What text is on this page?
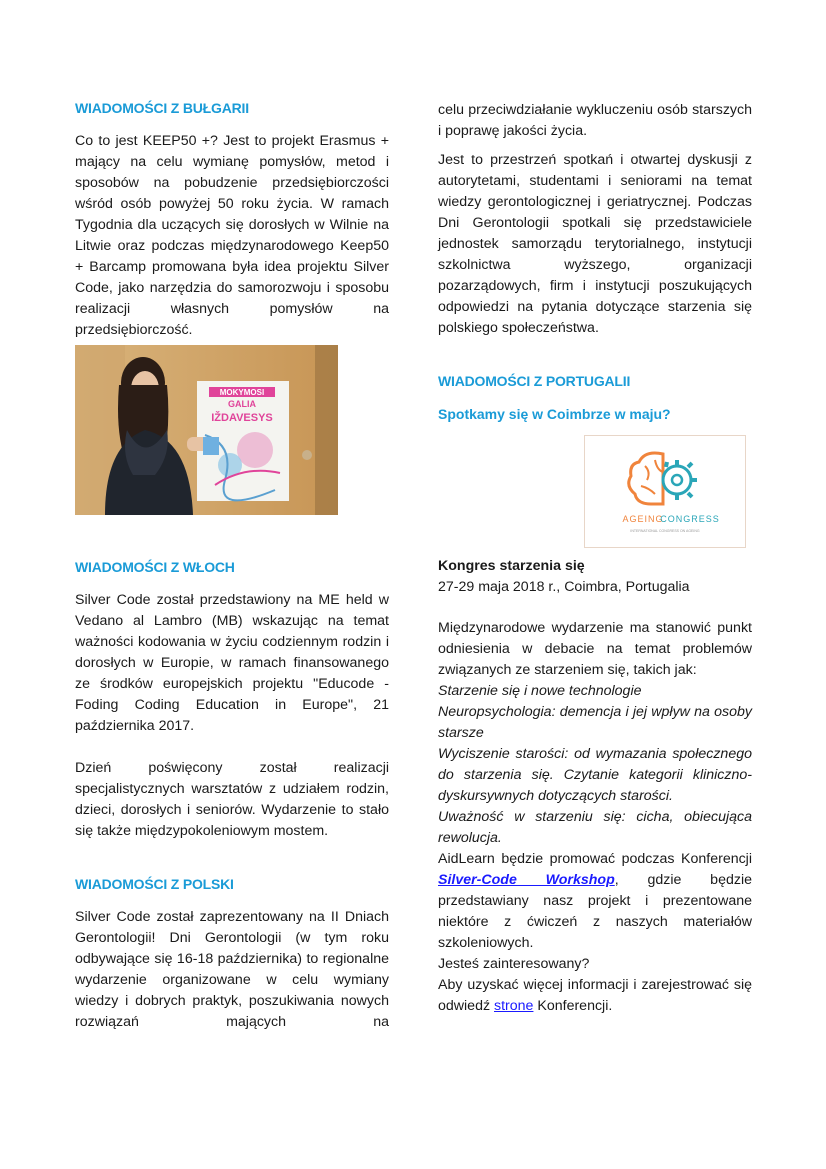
WIADOMOŚCI Z BUŁGARII

Co to jest KEEP50 +? Jest to projekt Erasmus + mający na celu wymianę pomysłów, metod i sposobów na pobudzenie przedsiębiorczości wśród osób powyżej 50 roku życia. W ramach Tygodnia dla uczących się dorosłych w Wilnie na Litwie oraz podczas międzynarodowego Keep50 + Barcamp promowana była idea projektu Silver Code, jako narzędzia do samorozwoju i sposobu realizacji własnych pomysłów na przedsiębiorczość.

MOKYMOSI
GALIA
IŽDAVESYS
WIADOMOŚCI Z WŁOCH

Silver Code został przedstawiony na ME held w Vedano al Lambro (MB) wskazując na temat ważności kodowania w życiu codziennym rodzin i dorosłych w Europie, w ramach finansowanego ze środków europejskich projektu "Educode - Foding Coding Education in Europe", 21 października 2017.

Dzień poświęcony został realizacji specjalistycznych warsztatów z udziałem rodzin, dzieci, dorosłych i seniorów. Wydarzenie to stało się także międzypokoleniowym mostem.

WIADOMOŚCI Z POLSKI

Silver Code został zaprezentowany na II Dniach Gerontologii! Dni Gerontologii (w tym roku odbywające się 16-18 października) to regionalne wydarzenie organizowane w celu wymiany wiedzy i dobrych praktyk, poszukiwania nowych rozwiązań mających na

celu przeciwdziałanie wykluczeniu osób starszych i poprawę jakości życia.

Jest to przestrzeń spotkań i otwartej dyskusji z autorytetami, studentami i seniorami na temat wiedzy gerontologicznej i geriatrycznej. Podczas Dni Gerontologii spotkali się przedstawiciele jednostek samorządu terytorialnego, instytucji szkolnictwa wyższego, organizacji pozarządowych, firm i instytucji poszukujących odpowiedzi na pytania dotyczące starzenia się polskiego społeczeństwa.

WIADOMOŚCI Z PORTUGALII
Spotkamy się w Coimbrze w maju?
AGEING
CONGRESS
INTERNATIONAL CONGRESS ON AGEING
Kongres starzenia się
27-29 maja 2018 r., Coimbra, Portugalia

Międzynarodowe wydarzenie ma stanowić punkt odniesienia w debacie na temat problemów związanych ze starzeniem się, takich jak:

Starzenie się i nowe technologie

Neuropsychologia: demencja i jej wpływ na osoby starsze

Wyciszenie starości: od wymazania społecznego do starzenia się. Czytanie kategorii kliniczno-dyskursywnych dotyczących starości.

Uważność w starzeniu się: cicha, obiecująca rewolucja.

AidLearn będzie promować podczas Konferencji Silver-Code Workshop, gdzie będzie przedstawiany nasz projekt i prezentowane niektóre z ćwiczeń z naszych materiałów szkoleniowych.

Jesteś zainteresowany?

Aby uzyskać więcej informacji i zarejestrować się odwiedź strone Konferencji.
